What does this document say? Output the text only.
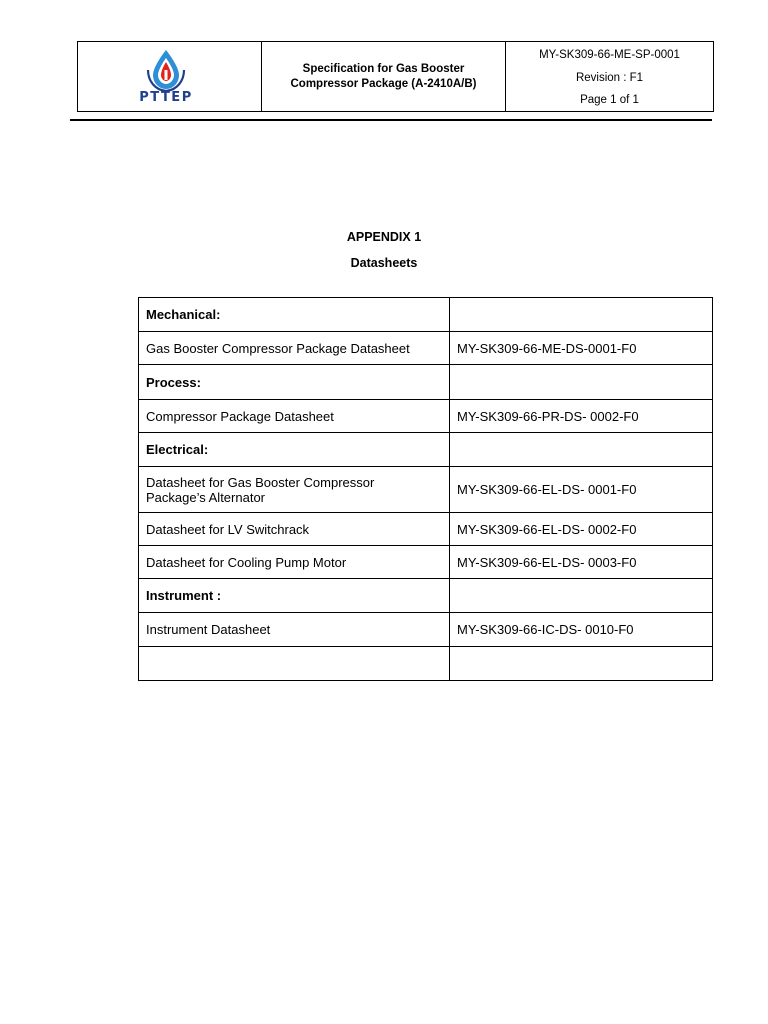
PTTEP
Specification for Gas Booster
Compressor Package (A-2410A/B)
MY-SK309-66-ME-SP-0001
Revision : F1
Page 1 of 1
APPENDIX 1
Datasheets
Mechanical:	
Gas Booster Compressor Package Datasheet	MY-SK309-66-ME-DS-0001-F0
Process:	
Compressor Package Datasheet	MY-SK309-66-PR-DS- 0002-F0
Electrical:	

Datasheet for Gas Booster Compressor
Package’s Alternator	MY-SK309-66-EL-DS- 0001-F0
Datasheet for LV Switchrack	MY-SK309-66-EL-DS- 0002-F0
Datasheet for Cooling Pump Motor	MY-SK309-66-EL-DS- 0003-F0
Instrument :	
Instrument Datasheet	MY-SK309-66-IC-DS- 0010-F0
